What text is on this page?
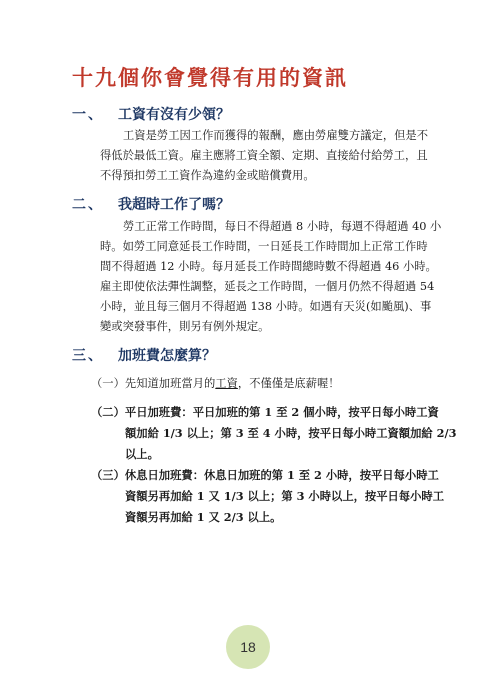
十九個你會覺得有用的資訊
一、 工資有沒有少領？
工資是勞工因工作而獲得的報酬，應由勞雇雙方議定，但是不
得低於最低工資。雇主應將工資全額、定期、直接給付給勞工，且
不得預扣勞工工資作為違約金或賠償費用。
二、 我超時工作了嗎？
勞工正常工作時間，每日不得超過 8 小時，每週不得超過 40 小
時。如勞工同意延長工作時間，一日延長工作時間加上正常工作時
間不得超過 12 小時。每月延長工作時間總時數不得超過 46 小時。
雇主即使依法彈性調整，延長之工作時間，一個月仍然不得超過 54
小時，並且每三個月不得超過 138 小時。如遇有天災(如颱風)、事
變或突發事件，則另有例外規定。
三、 加班費怎麼算？
（一）先知道加班當月的工資，不僅僅是底薪喔！
（二）平日加班費：平日加班的第 1 至 2 個小時，按平日每小時工資
額加給 1/3 以上；第 3 至 4 小時，按平日每小時工資額加給 2/3
以上。
（三）休息日加班費：休息日加班的第 1 至 2 小時，按平日每小時工
資額另再加給 1 又 1/3 以上；第 3 小時以上，按平日每小時工
資額另再加給 1 又 2/3 以上。
18
